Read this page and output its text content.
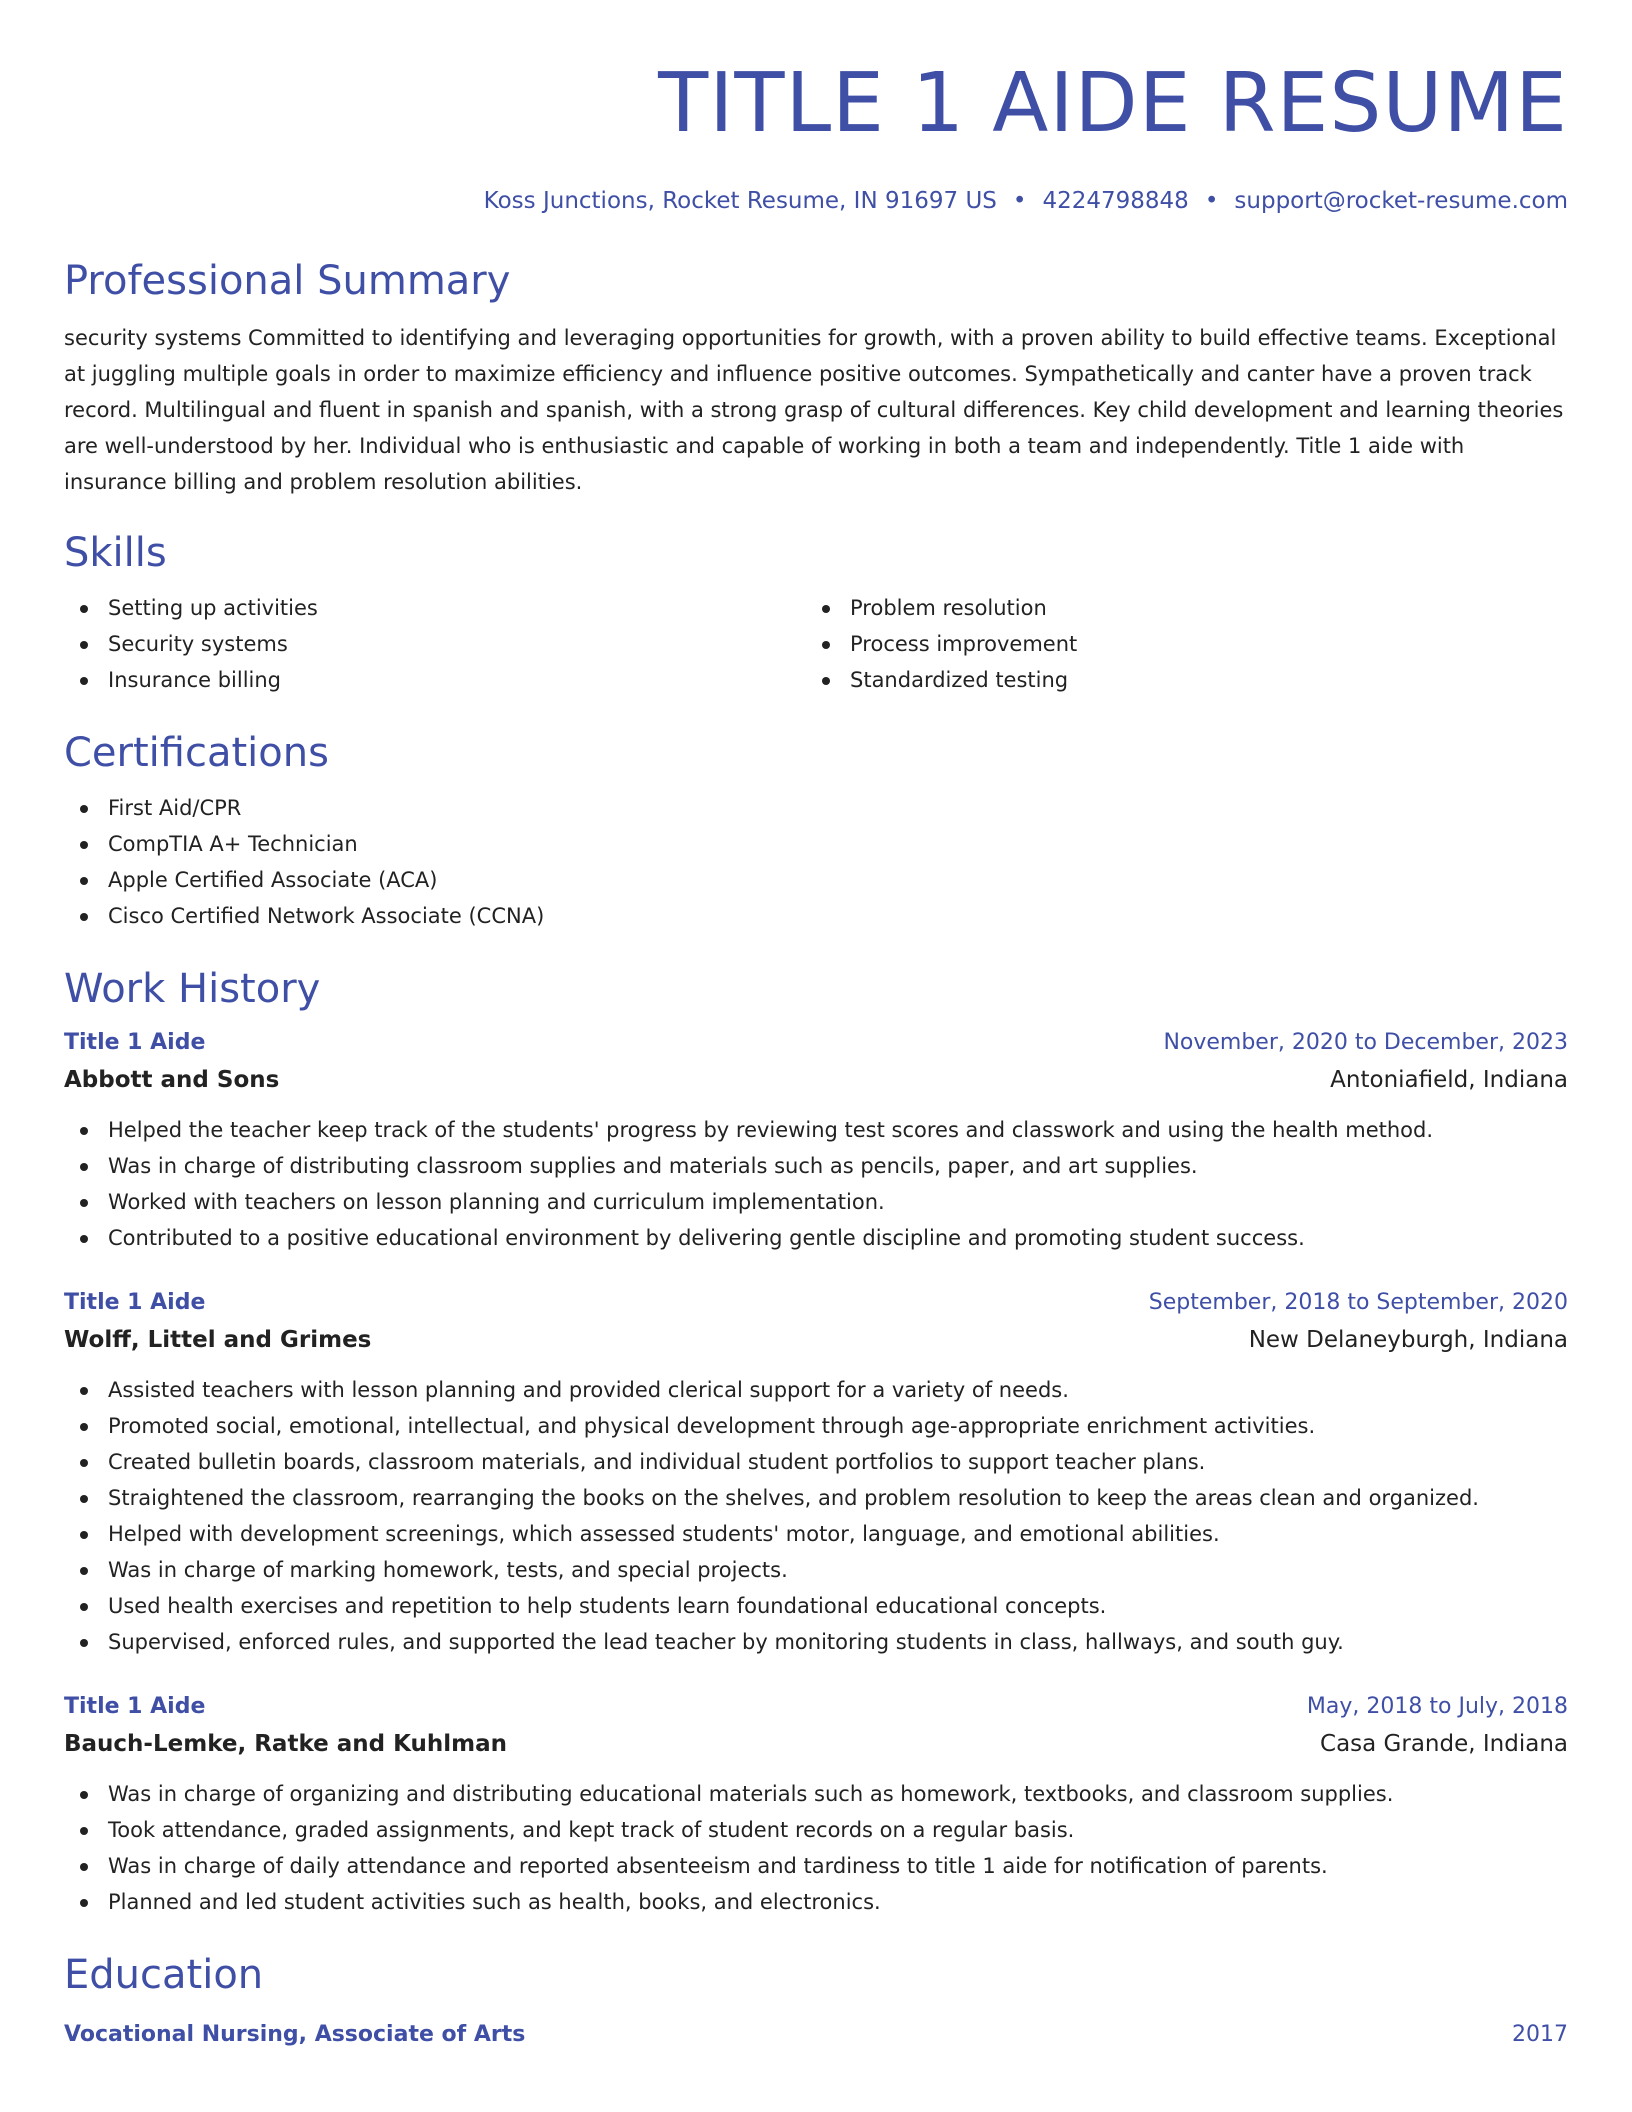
TITLE 1 AIDE RESUME
Koss Junctions, Rocket Resume, IN 91697 US • 4224798848 • support@rocket-resume.com
Professional Summary

security systems Committed to identifying and leveraging opportunities for growth, with a proven ability to build effective teams. Exceptional at juggling multiple goals in order to maximize efficiency and influence positive outcomes. Sympathetically and canter have a proven track record. Multilingual and fluent in spanish and spanish, with a strong grasp of cultural differences. Key child development and learning theories are well-understood by her. Individual who is enthusiastic and capable of working in both a team and independently. Title 1 aide with insurance billing and problem resolution abilities.

Skills
Setting up activities
Security systems
Insurance billing
Problem resolution
Process improvement
Standardized testing
Certifications
First Aid/CPR
CompTIA A+ Technician
Apple Certified Associate (ACA)
Cisco Certified Network Associate (CCNA)
Work History
Title 1 Aide	November, 2020 to December, 2023
Abbott and Sons	Antoniafield, Indiana
Helped the teacher keep track of the students' progress by reviewing test scores and classwork and using the health method.
Was in charge of distributing classroom supplies and materials such as pencils, paper, and art supplies.
Worked with teachers on lesson planning and curriculum implementation.
Contributed to a positive educational environment by delivering gentle discipline and promoting student success.
Title 1 Aide	September, 2018 to September, 2020
Wolff, Littel and Grimes	New Delaneyburgh, Indiana
Assisted teachers with lesson planning and provided clerical support for a variety of needs.
Promoted social, emotional, intellectual, and physical development through age-appropriate enrichment activities.
Created bulletin boards, classroom materials, and individual student portfolios to support teacher plans.
Straightened the classroom, rearranging the books on the shelves, and problem resolution to keep the areas clean and organized.
Helped with development screenings, which assessed students' motor, language, and emotional abilities.
Was in charge of marking homework, tests, and special projects.
Used health exercises and repetition to help students learn foundational educational concepts.
Supervised, enforced rules, and supported the lead teacher by monitoring students in class, hallways, and south guy.
Title 1 Aide	May, 2018 to July, 2018
Bauch-Lemke, Ratke and Kuhlman	Casa Grande, Indiana
Was in charge of organizing and distributing educational materials such as homework, textbooks, and classroom supplies.
Took attendance, graded assignments, and kept track of student records on a regular basis.
Was in charge of daily attendance and reported absenteeism and tardiness to title 1 aide for notification of parents.
Planned and led student activities such as health, books, and electronics.
Education
Vocational Nursing, Associate of Arts	2017
